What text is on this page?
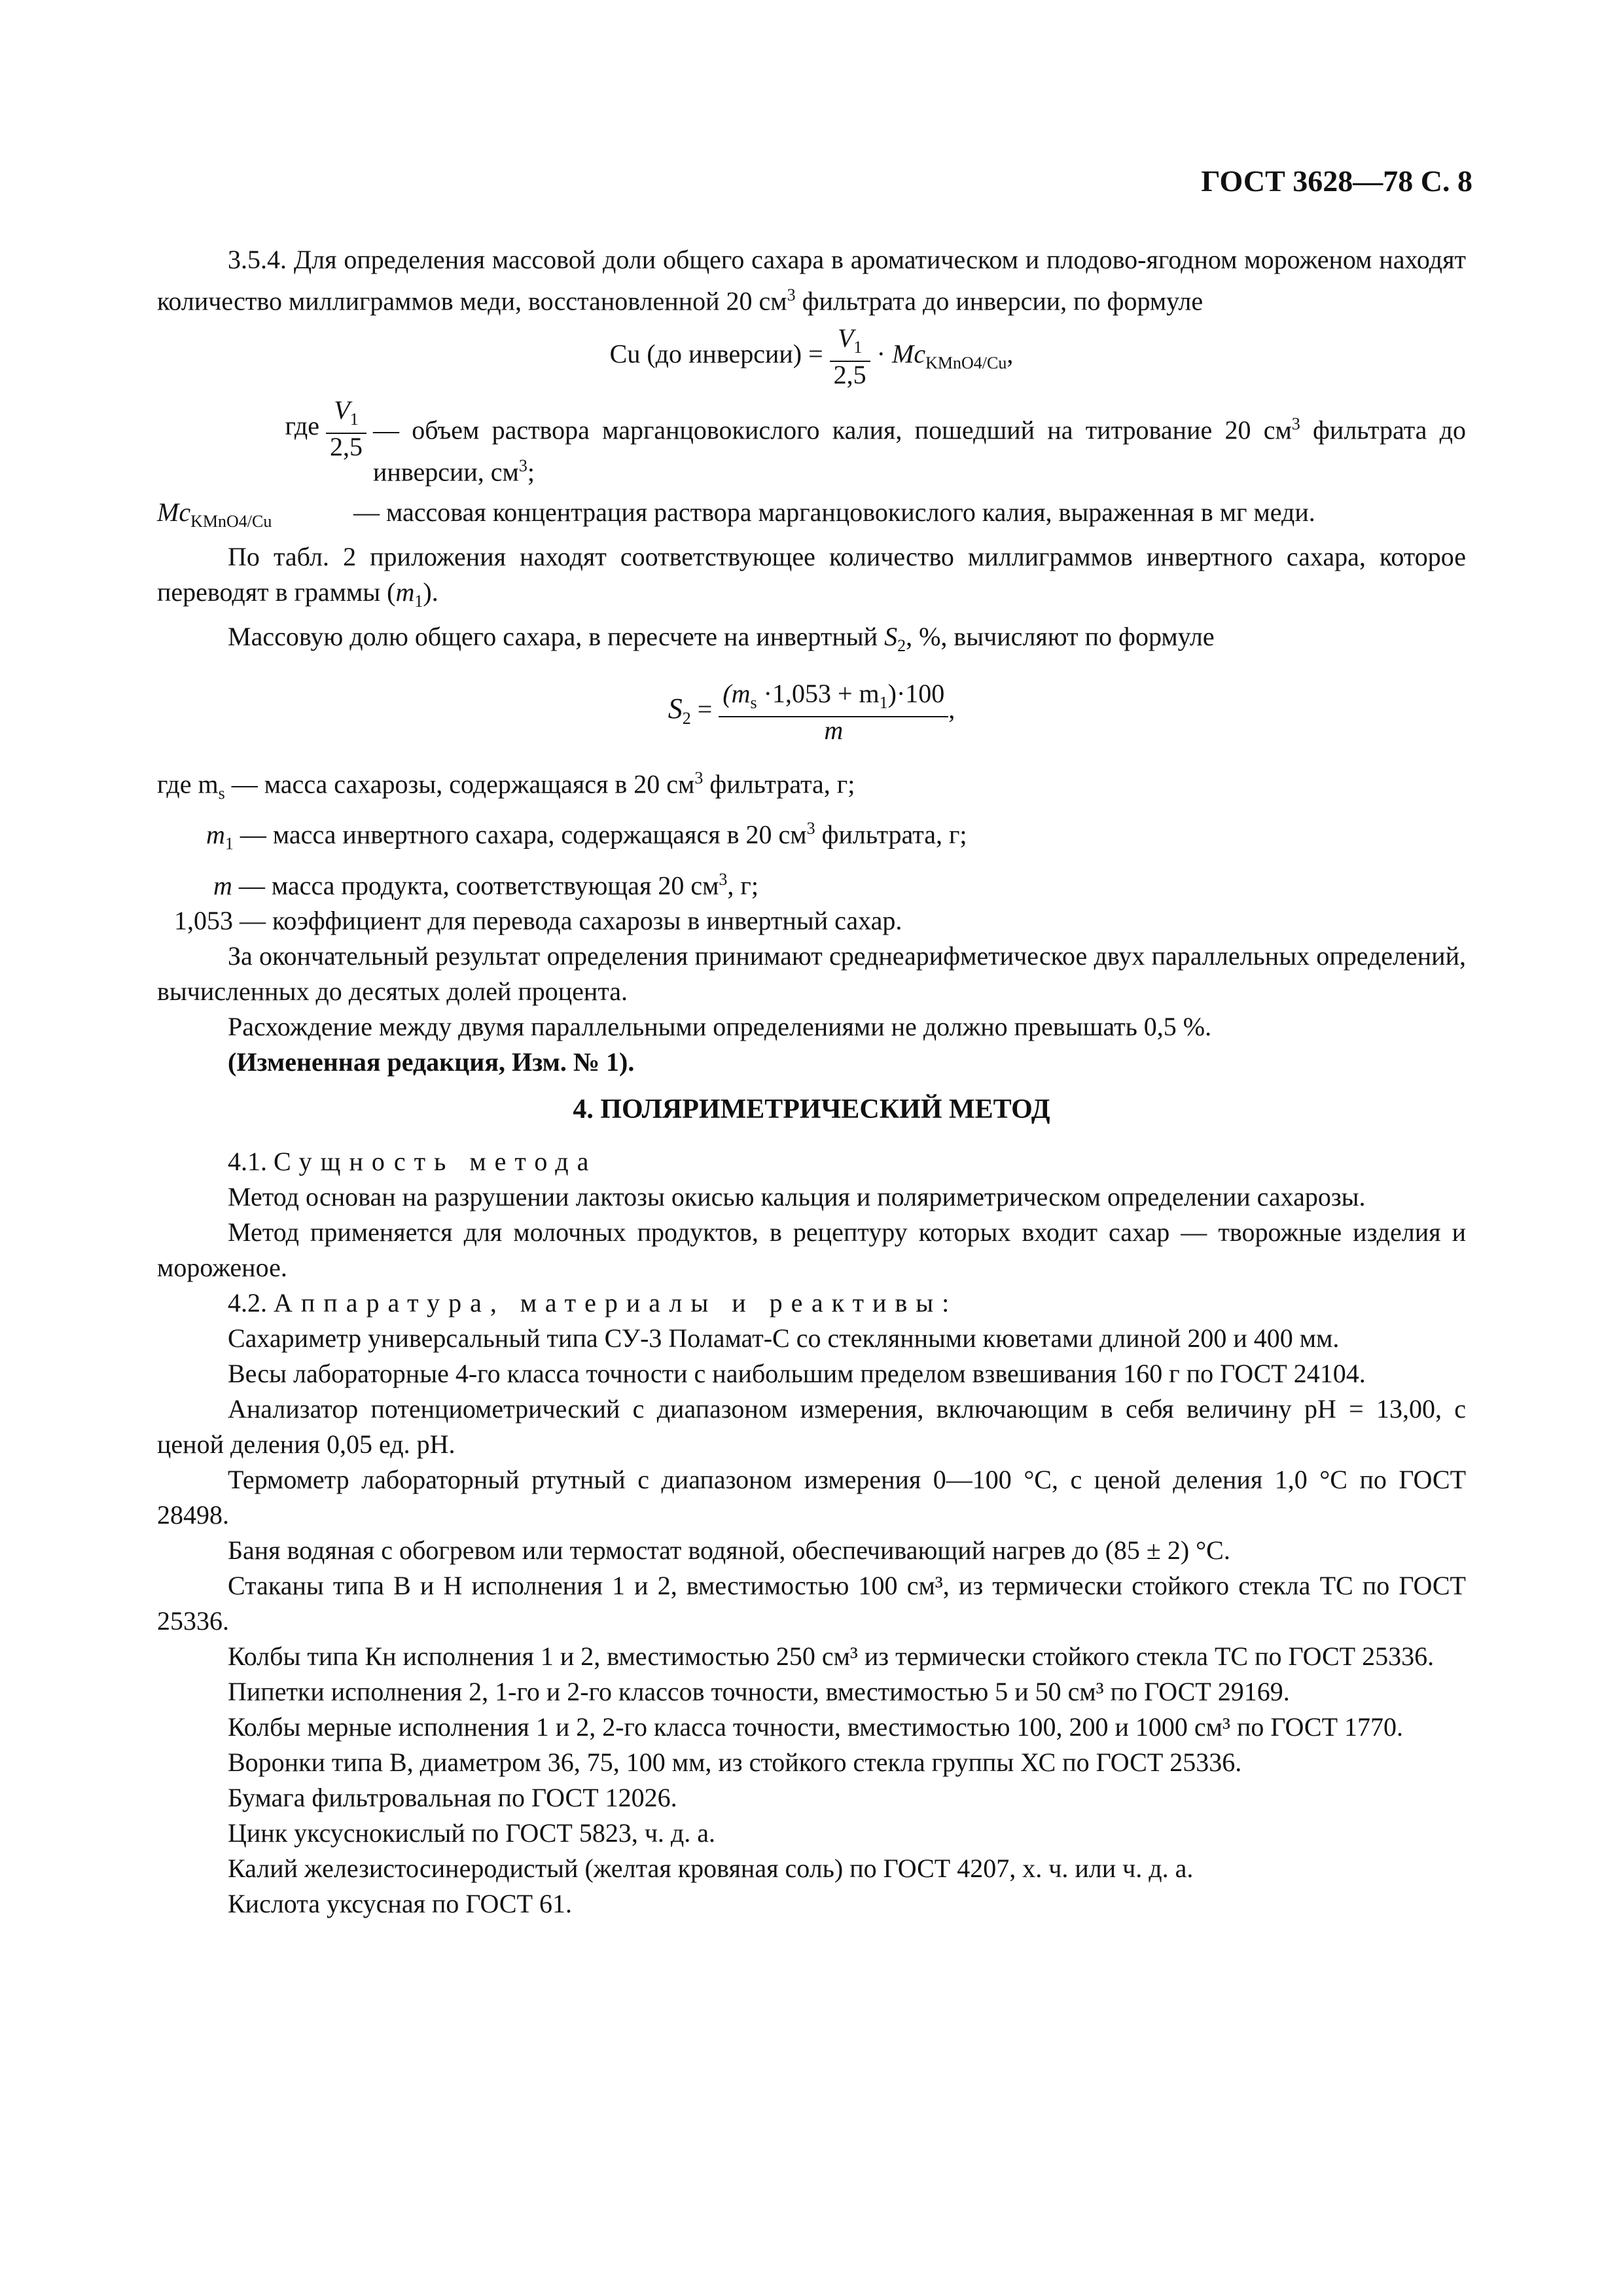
ГОСТ 3628—78 С. 8

3.5.4. Для определения массовой доли общего сахара в ароматическом и плодово-ягодном мороженом находят количество миллиграммов меди, восстановленной 20 $см^3$ фильтрата до инверсии, по формуле

Cu (до инверсии) = $\frac{V_1}{2,5} \cdot Mc_{KMnO4/Cu}$,
где $\frac{V_1}{2,5}$ — объем раствора марганцовокислого калия, пошедший на титрование 20 $см^3$ фильтрата до инверсии, $см^3$;
$Mc_{KMnO4/Cu}$	— массовая концентрация раствора марганцовокислого калия, выраженная в мг меди.

По табл. 2 приложения находят соответствующее количество миллиграммов инвертного сахара, которое переводят в граммы $(m_1)$.

Массовую долю общего сахара, в пересчете на инвертный $S_2$, %, вычисляют по формуле

$S_2 = \frac{(m_s \cdot 1,053 + m_1)\cdot 100}{m}$ ,
где $m_s$ — масса сахарозы, содержащаяся в 20 $см^3$ фильтрата, г;
$m_1$ — масса инвертного сахара, содержащаяся в 20 $см^3$ фильтрата, г;
m — масса продукта, соответствующая 20 $см^3$, г;
1,053 — коэффициент для перевода сахарозы в инвертный сахар.

За окончательный результат определения принимают среднеарифметическое двух параллельных определений, вычисленных до десятых долей процента.

Расхождение между двумя параллельными определениями не должно превышать 0,5 %.

(Измененная редакция, Изм. № 1).

4. ПОЛЯРИМЕТРИЧЕСКИЙ МЕТОД

4.1. Сущность метода

Метод основан на разрушении лактозы окисью кальция и поляриметрическом определении сахарозы.

Метод применяется для молочных продуктов, в рецептуру которых входит сахар — творожные изделия и мороженое.

4.2. Аппаратура, материалы и реактивы:

Сахариметр универсальный типа СУ-3 Поламат-С со стеклянными кюветами длиной 200 и 400 мм.

Весы лабораторные 4-го класса точности с наибольшим пределом взвешивания 160 г по ГОСТ 24104.

Анализатор потенциометрический с диапазоном измерения, включающим в себя величину pH = 13,00, с ценой деления 0,05 ед. pH.

Термометр лабораторный ртутный с диапазоном измерения 0—100 °С, с ценой деления 1,0 °С по ГОСТ 28498.

Баня водяная с обогревом или термостат водяной, обеспечивающий нагрев до (85 ± 2) °С.

Стаканы типа В и Н исполнения 1 и 2, вместимостью 100 см³, из термически стойкого стекла ТС по ГОСТ 25336.

Колбы типа Кн исполнения 1 и 2, вместимостью 250 см³ из термически стойкого стекла ТС по ГОСТ 25336.

Пипетки исполнения 2, 1-го и 2-го классов точности, вместимостью 5 и 50 см³ по ГОСТ 29169.

Колбы мерные исполнения 1 и 2, 2-го класса точности, вместимостью 100, 200 и 1000 см³ по ГОСТ 1770.

Воронки типа В, диаметром 36, 75, 100 мм, из стойкого стекла группы ХС по ГОСТ 25336.

Бумага фильтровальная по ГОСТ 12026.

Цинк уксуснокислый по ГОСТ 5823, ч. д. а.

Калий железистосинеродистый (желтая кровяная соль) по ГОСТ 4207, х. ч. или ч. д. а.

Кислота уксусная по ГОСТ 61.
